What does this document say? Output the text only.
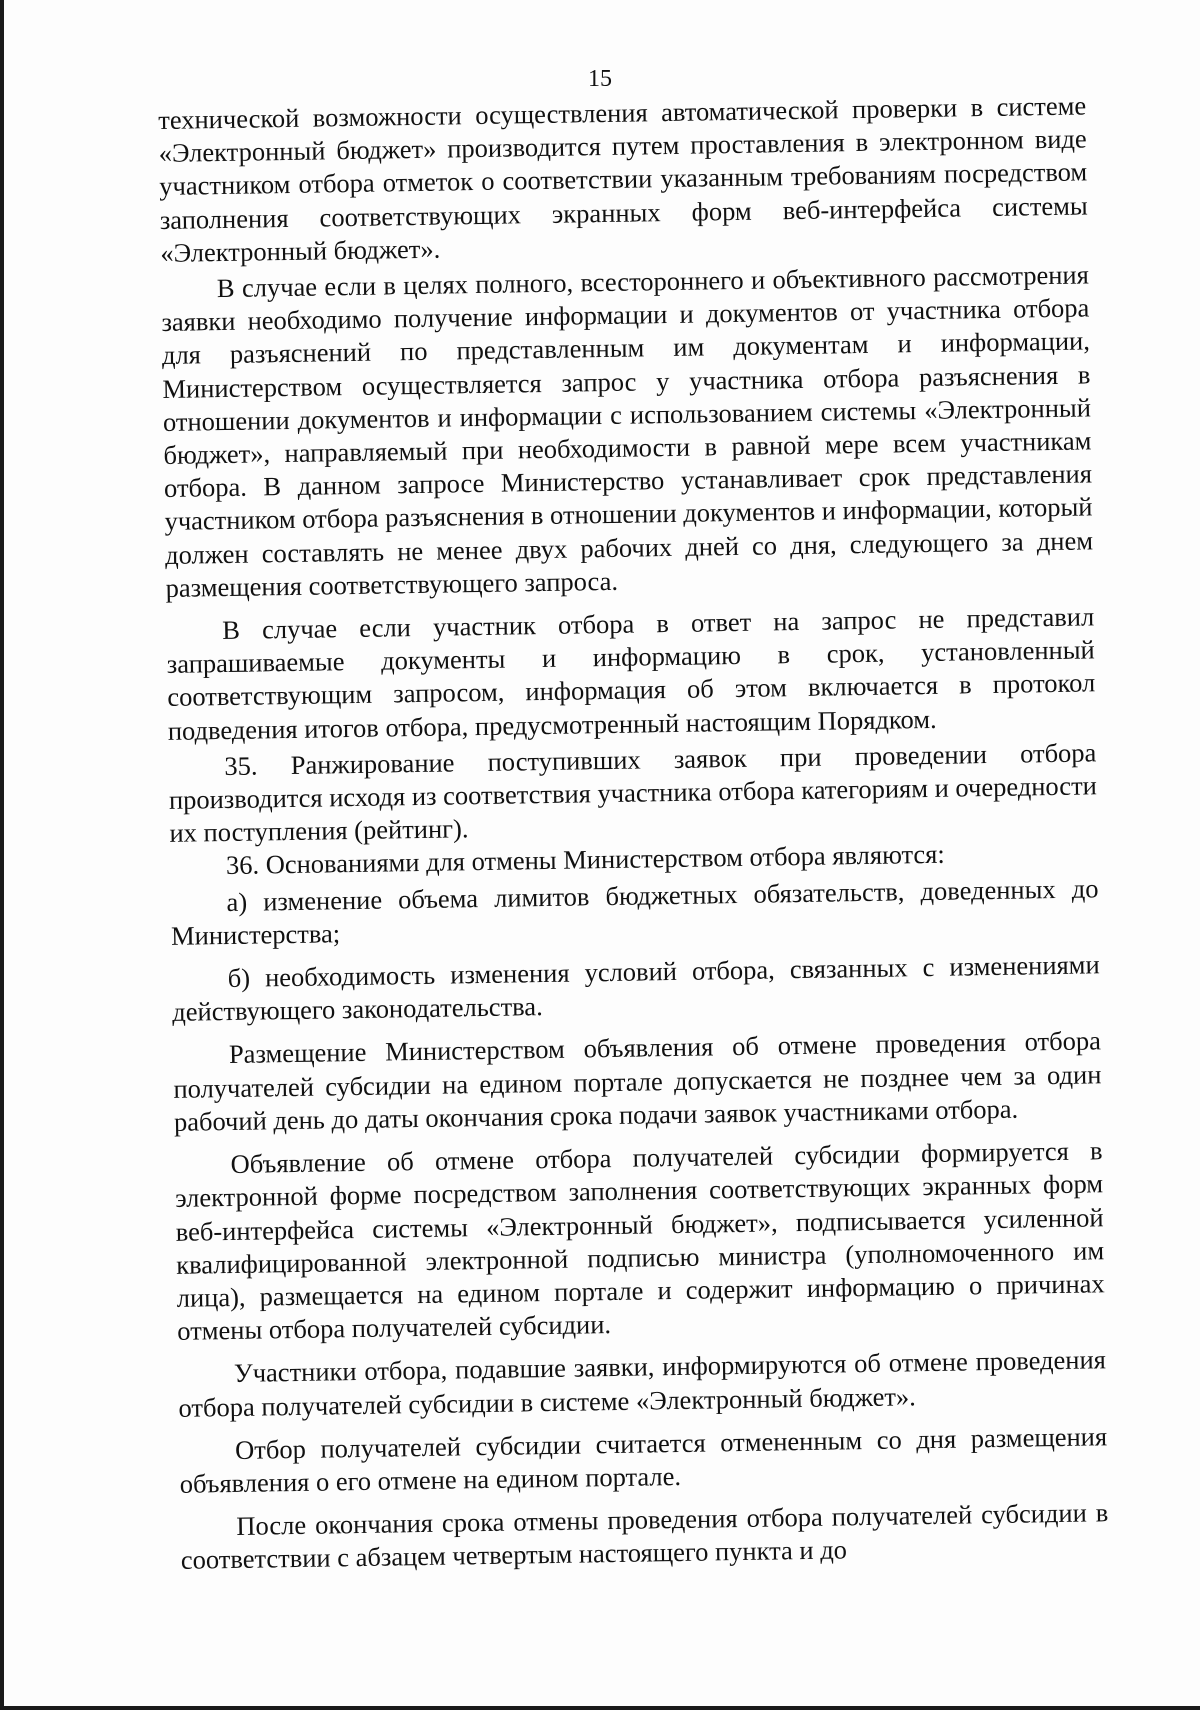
15

технической возможности осуществления автоматической проверки в системе «Электронный бюджет» производится путем проставления в электронном виде участником отбора отметок о соответствии указанным требованиям посредством заполнения соответствующих экранных форм веб-интерфейса системы «Электронный бюджет».

В случае если в целях полного, всестороннего и объективного рассмотрения заявки необходимо получение информации и документов от участника отбора для разъяснений по представленным им документам и информации, Министерством осуществляется запрос у участника отбора разъяснения в отношении документов и информации с использованием системы «Электронный бюджет», направляемый при необходимости в равной мере всем участникам отбора. В данном запросе Министерство устанавливает срок представления участником отбора разъяснения в отношении документов и информации, который должен составлять не менее двух рабочих дней со дня, следующего за днем размещения соответствующего запроса.

В случае если участник отбора в ответ на запрос не представил запрашиваемые документы и информацию в срок, установленный соответствующим запросом, информация об этом включается в протокол подведения итогов отбора, предусмотренный настоящим Порядком.

35. Ранжирование поступивших заявок при проведении отбора производится исходя из соответствия участника отбора категориям и очередности их поступления (рейтинг).

36. Основаниями для отмены Министерством отбора являются:

а) изменение объема лимитов бюджетных обязательств, доведенных до Министерства;

б) необходимость изменения условий отбора, связанных с изменениями действующего законодательства.

Размещение Министерством объявления об отмене проведения отбора получателей субсидии на едином портале допускается не позднее чем за один рабочий день до даты окончания срока подачи заявок участниками отбора.

Объявление об отмене отбора получателей субсидии формируется в электронной форме посредством заполнения соответствующих экранных форм веб-интерфейса системы «Электронный бюджет», подписывается усиленной квалифицированной электронной подписью министра (уполномоченного им лица), размещается на едином портале и содержит информацию о причинах отмены отбора получателей субсидии.

Участники отбора, подавшие заявки, информируются об отмене проведения отбора получателей субсидии в системе «Электронный бюджет».

Отбор получателей субсидии считается отмененным со дня размещения объявления о его отмене на едином портале.

После окончания срока отмены проведения отбора получателей субсидии в соответствии с абзацем четвертым настоящего пункта и до
